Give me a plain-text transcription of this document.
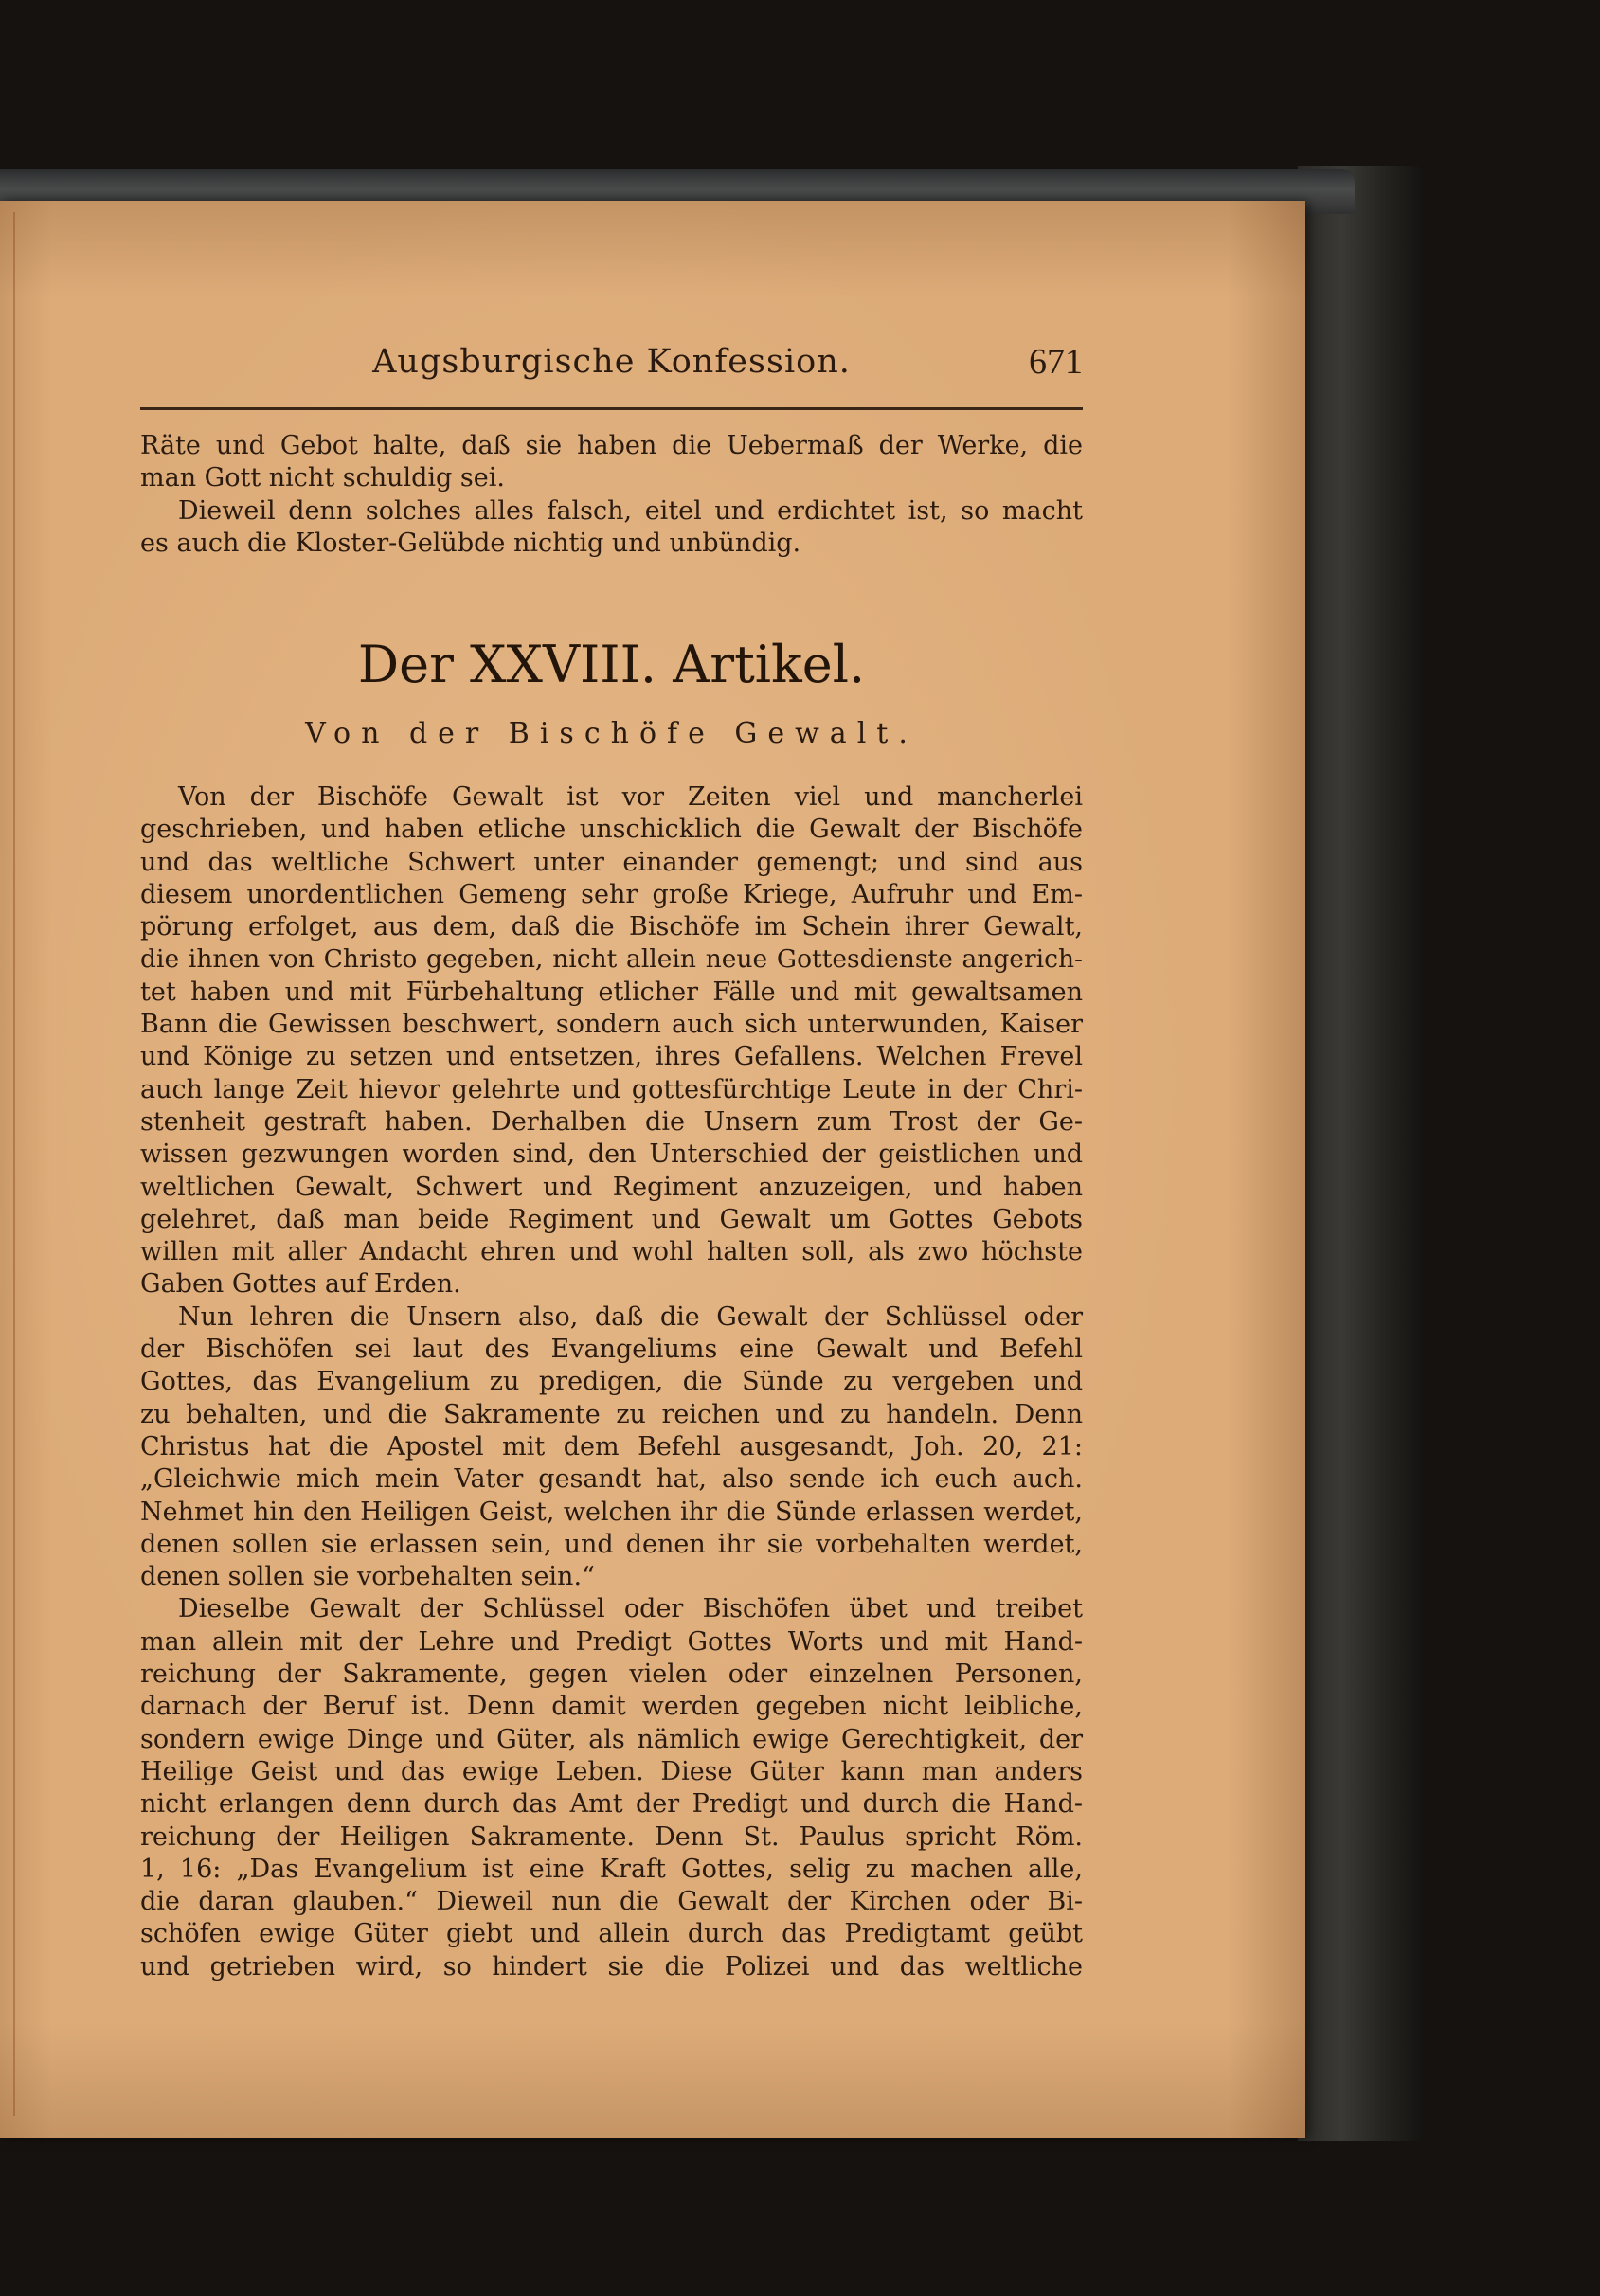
Augsburgische Konfession.	671
Räte und Gebot halte, daß sie haben die Uebermaß der Werke, die
man Gott nicht schuldig sei.
Dieweil denn solches alles falsch, eitel und erdichtet ist, so macht
es auch die Kloster-Gelübde nichtig und unbündig.
Der XXVIII. Artikel.
Von der Bischöfe Gewalt.
Von der Bischöfe Gewalt ist vor Zeiten viel und mancherlei
geschrieben, und haben etliche unschicklich die Gewalt der Bischöfe
und das weltliche Schwert unter einander gemengt; und sind aus
diesem unordentlichen Gemeng sehr große Kriege, Aufruhr und Em-
pörung erfolget, aus dem, daß die Bischöfe im Schein ihrer Gewalt,
die ihnen von Christo gegeben, nicht allein neue Gottesdienste angerich-
tet haben und mit Fürbehaltung etlicher Fälle und mit gewaltsamen
Bann die Gewissen beschwert, sondern auch sich unterwunden, Kaiser
und Könige zu setzen und entsetzen, ihres Gefallens. Welchen Frevel
auch lange Zeit hievor gelehrte und gottesfürchtige Leute in der Chri-
stenheit gestraft haben. Derhalben die Unsern zum Trost der Ge-
wissen gezwungen worden sind, den Unterschied der geistlichen und
weltlichen Gewalt, Schwert und Regiment anzuzeigen, und haben
gelehret, daß man beide Regiment und Gewalt um Gottes Gebots
willen mit aller Andacht ehren und wohl halten soll, als zwo höchste
Gaben Gottes auf Erden.
Nun lehren die Unsern also, daß die Gewalt der Schlüssel oder
der Bischöfen sei laut des Evangeliums eine Gewalt und Befehl
Gottes, das Evangelium zu predigen, die Sünde zu vergeben und
zu behalten, und die Sakramente zu reichen und zu handeln. Denn
Christus hat die Apostel mit dem Befehl ausgesandt, Joh. 20, 21:
„Gleichwie mich mein Vater gesandt hat, also sende ich euch auch.
Nehmet hin den Heiligen Geist, welchen ihr die Sünde erlassen werdet,
denen sollen sie erlassen sein, und denen ihr sie vorbehalten werdet,
denen sollen sie vorbehalten sein.“
Dieselbe Gewalt der Schlüssel oder Bischöfen übet und treibet
man allein mit der Lehre und Predigt Gottes Worts und mit Hand-
reichung der Sakramente, gegen vielen oder einzelnen Personen,
darnach der Beruf ist. Denn damit werden gegeben nicht leibliche,
sondern ewige Dinge und Güter, als nämlich ewige Gerechtigkeit, der
Heilige Geist und das ewige Leben. Diese Güter kann man anders
nicht erlangen denn durch das Amt der Predigt und durch die Hand-
reichung der Heiligen Sakramente. Denn St. Paulus spricht Röm.
1, 16: „Das Evangelium ist eine Kraft Gottes, selig zu machen alle,
die daran glauben.“ Dieweil nun die Gewalt der Kirchen oder Bi-
schöfen ewige Güter giebt und allein durch das Predigtamt geübt
und getrieben wird, so hindert sie die Polizei und das weltliche
